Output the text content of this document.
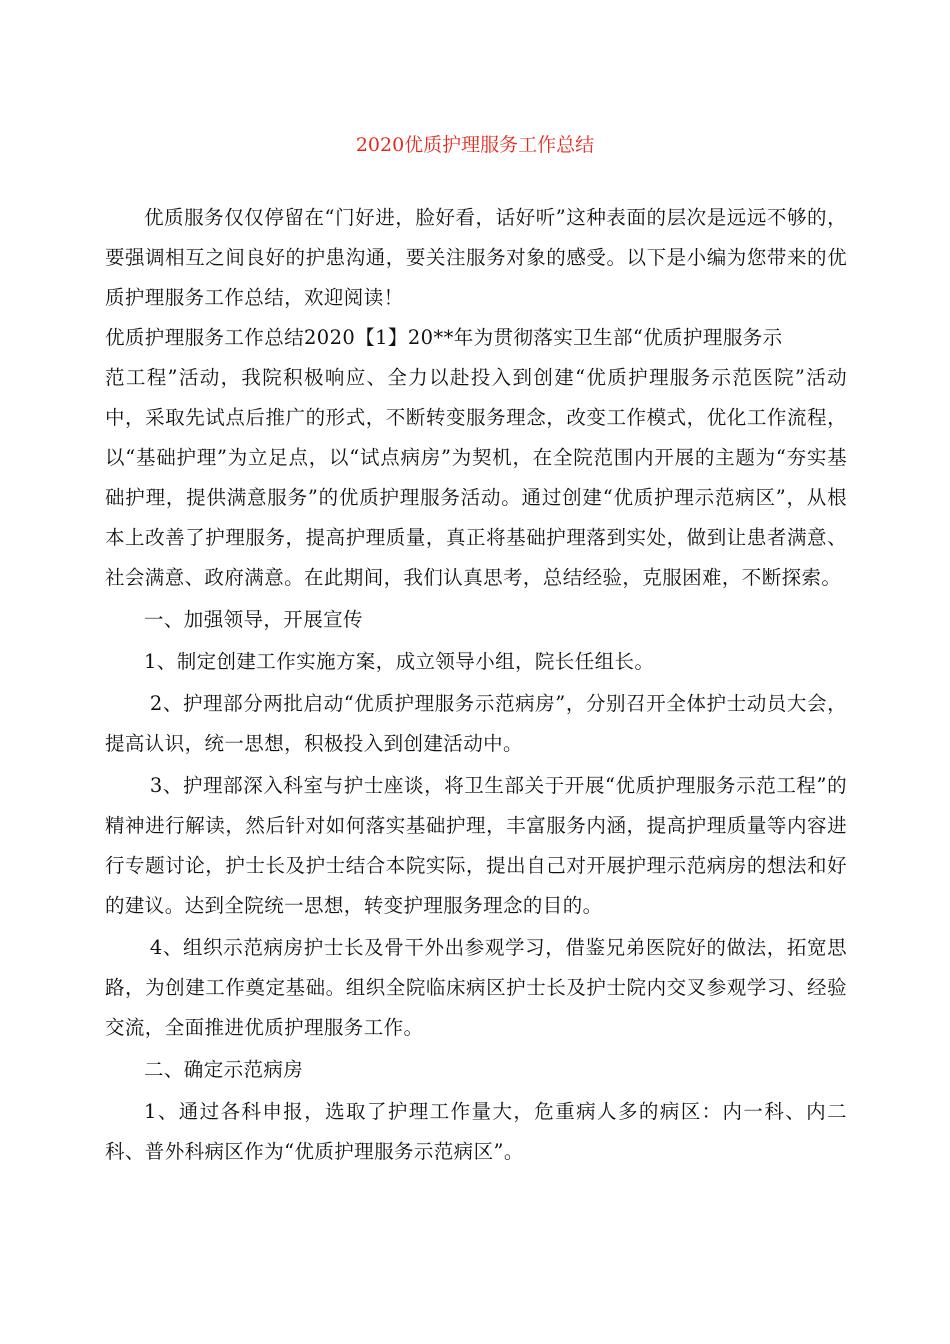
2020优质护理服务工作总结

优质服务仅仅停留在“门好进，脸好看，话好听”这种表面的层次是远远不够的，要强调相互之间良好的护患沟通，要关注服务对象的感受。以下是小编为您带来的优质护理服务工作总结，欢迎阅读！

优质护理服务工作总结2020【1】20**年为贯彻落实卫生部“优质护理服务示

范工程”活动，我院积极响应、全力以赴投入到创建“优质护理服务示范医院”活动中，采取先试点后推广的形式，不断转变服务理念，改变工作模式，优化工作流程，以“基础护理”为立足点，以“试点病房”为契机，在全院范围内开展的主题为“夯实基础护理，提供满意服务”的优质护理服务活动。通过创建“优质护理示范病区”，从根本上改善了护理服务，提高护理质量，真正将基础护理落到实处，做到让患者满意、社会满意、政府满意。在此期间，我们认真思考，总结经验，克服困难，不断探索。

一、加强领导，开展宣传

1、制定创建工作实施方案，成立领导小组，院长任组长。

2、护理部分两批启动“优质护理服务示范病房”，分别召开全体护士动员大会，提高认识，统一思想，积极投入到创建活动中。

3、护理部深入科室与护士座谈，将卫生部关于开展“优质护理服务示范工程”的精神进行解读，然后针对如何落实基础护理，丰富服务内涵，提高护理质量等内容进行专题讨论，护士长及护士结合本院实际，提出自己对开展护理示范病房的想法和好的建议。达到全院统一思想，转变护理服务理念的目的。

4、组织示范病房护士长及骨干外出参观学习，借鉴兄弟医院好的做法，拓宽思路，为创建工作奠定基础。组织全院临床病区护士长及护士院内交叉参观学习、经验交流，全面推进优质护理服务工作。

二、确定示范病房

1、通过各科申报，选取了护理工作量大，危重病人多的病区：内一科、内二科、普外科病区作为“优质护理服务示范病区”。
